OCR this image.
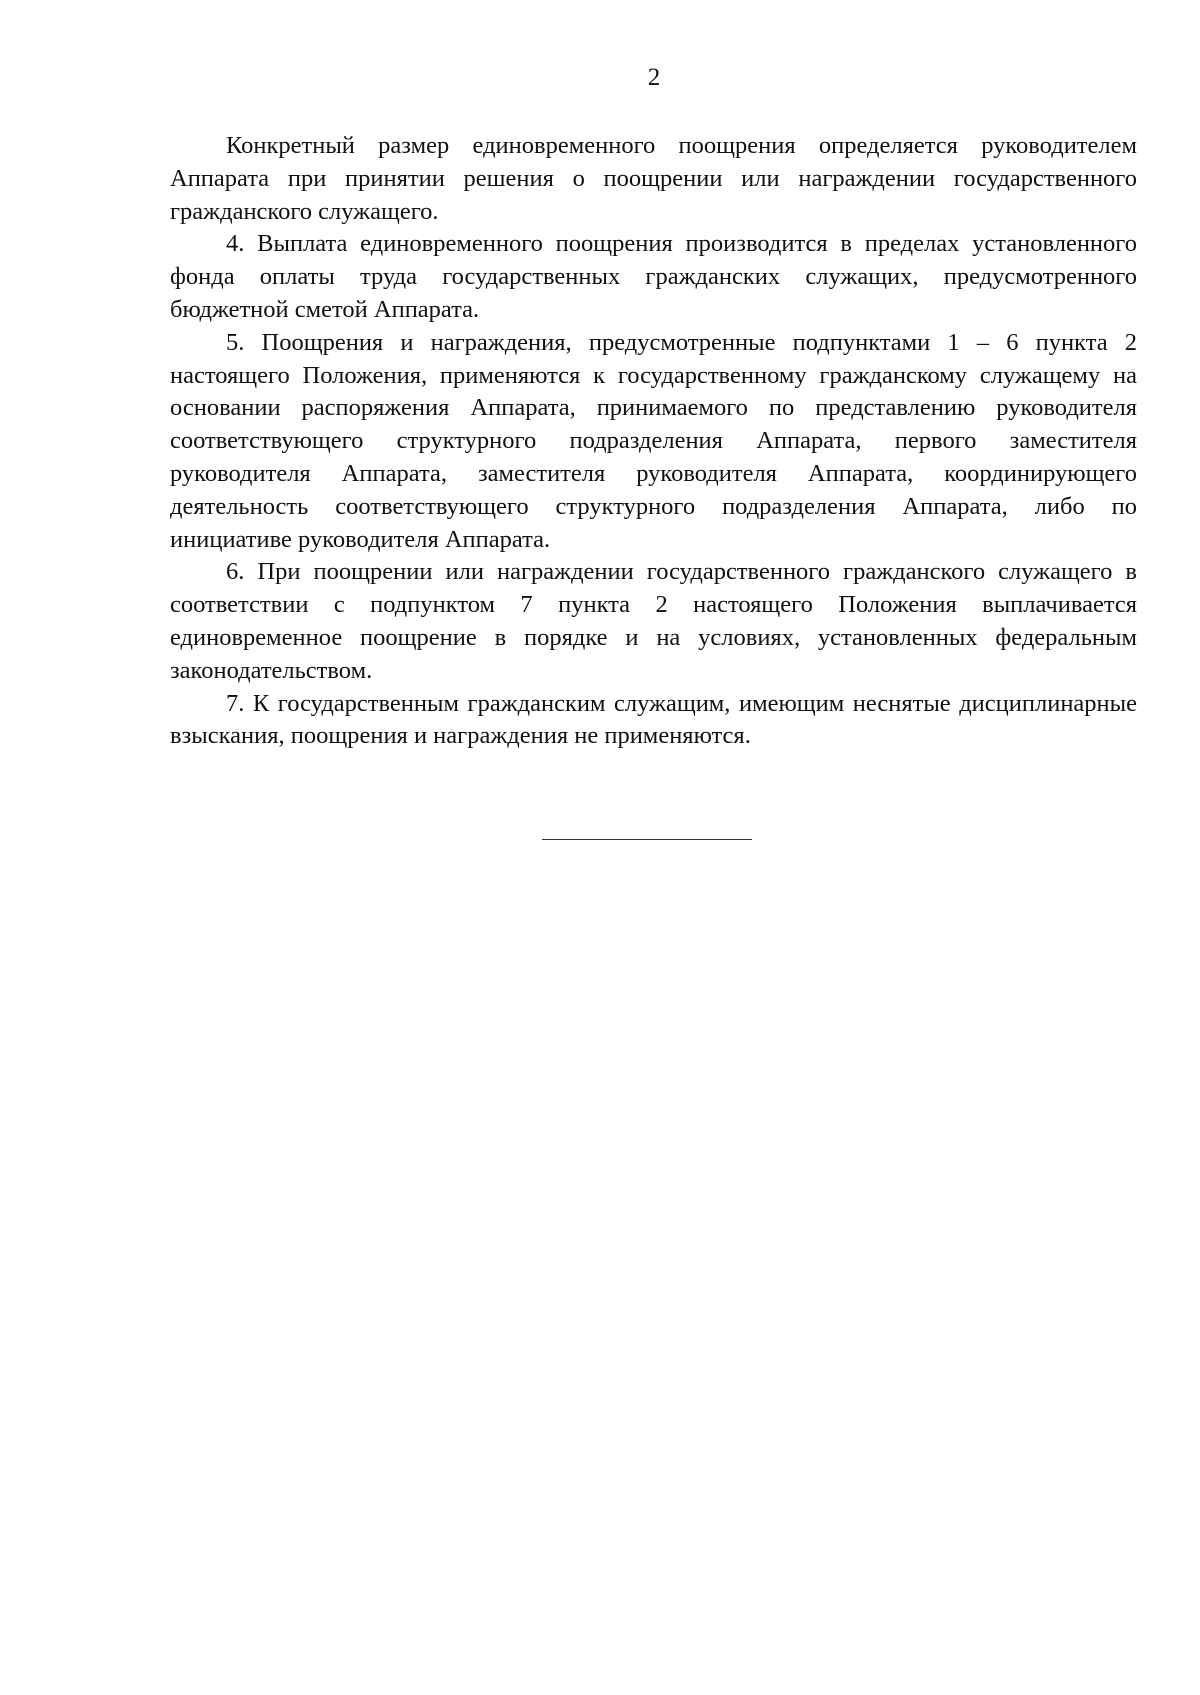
2

Конкретный размер единовременного поощрения определяется руководителем Аппарата при принятии решения о поощрении или награждении государственного гражданского служащего.

4. Выплата единовременного поощрения производится в пределах установленного фонда оплаты труда государственных гражданских служащих, предусмотренного бюджетной сметой Аппарата.

5. Поощрения и награждения, предусмотренные подпунктами 1 – 6 пункта 2 настоящего Положения, применяются к государственному гражданскому служащему на основании распоряжения Аппарата, принимаемого по представлению руководителя соответствующего структурного подразделения Аппарата, первого заместителя руководителя Аппарата, заместителя руководителя Аппарата, координирующего деятельность соответствующего структурного подразделения Аппарата, либо по инициативе руководителя Аппарата.

6. При поощрении или награждении государственного гражданского служащего в соответствии с подпунктом 7 пункта 2 настоящего Положения выплачивается единовременное поощрение в порядке и на условиях, установленных федеральным законодательством.

7. К государственным гражданским служащим, имеющим неснятые дисциплинарные взыскания, поощрения и награждения не применяются.
